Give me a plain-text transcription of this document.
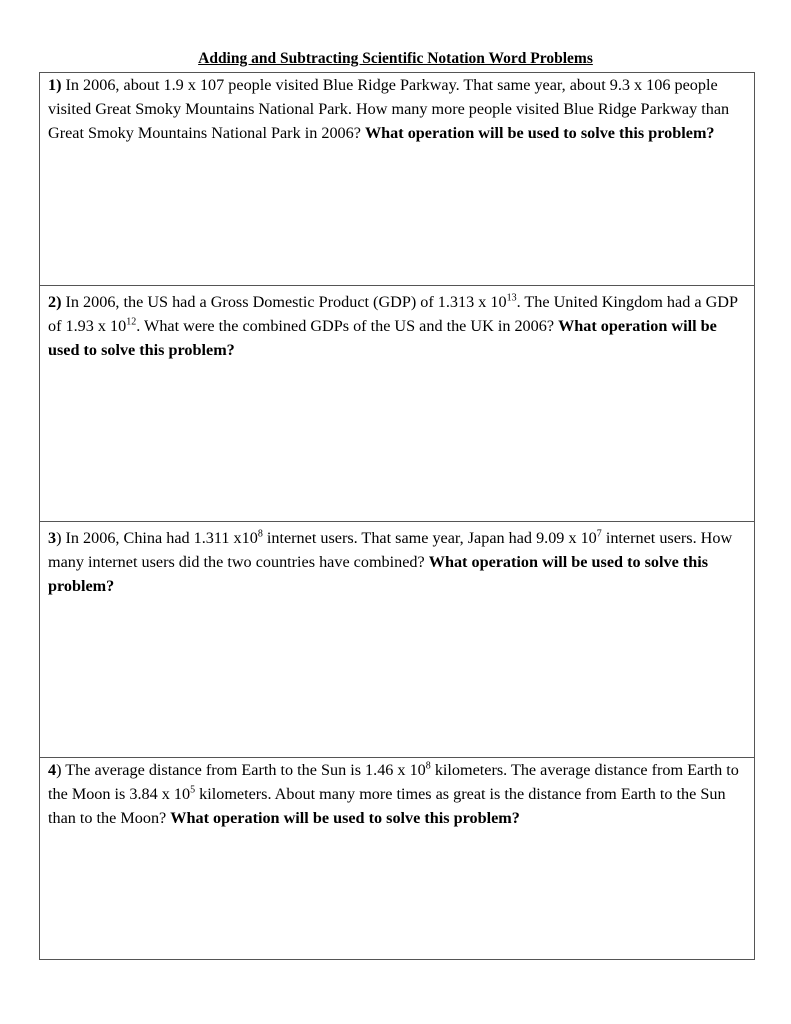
Adding and Subtracting Scientific Notation Word Problems

1) In 2006, about 1.9 x 107 people visited Blue Ridge Parkway. That same year, about 9.3 x 106 people visited Great Smoky Mountains National Park. How many more people visited Blue Ridge Parkway than Great Smoky Mountains National Park in 2006? What operation will be used to solve this problem?

2) In 2006, the US had a Gross Domestic Product (GDP) of 1.313 x $10^{13}$. The United Kingdom had a GDP of 1.93 x $10^{12}$. What were the combined GDPs of the US and the UK in 2006? What operation will be used to solve this problem?

3) In 2006, China had 1.311 $x10^8$ internet users. That same year, Japan had 9.09 x $10^7$ internet users. How many internet users did the two countries have combined? What operation will be used to solve this problem?

4) The average distance from Earth to the Sun is 1.46 x $10^8$ kilometers. The average distance from Earth to the Moon is 3.84 x $10^5$ kilometers. About many more times as great is the distance from Earth to the Sun than to the Moon? What operation will be used to solve this problem?
